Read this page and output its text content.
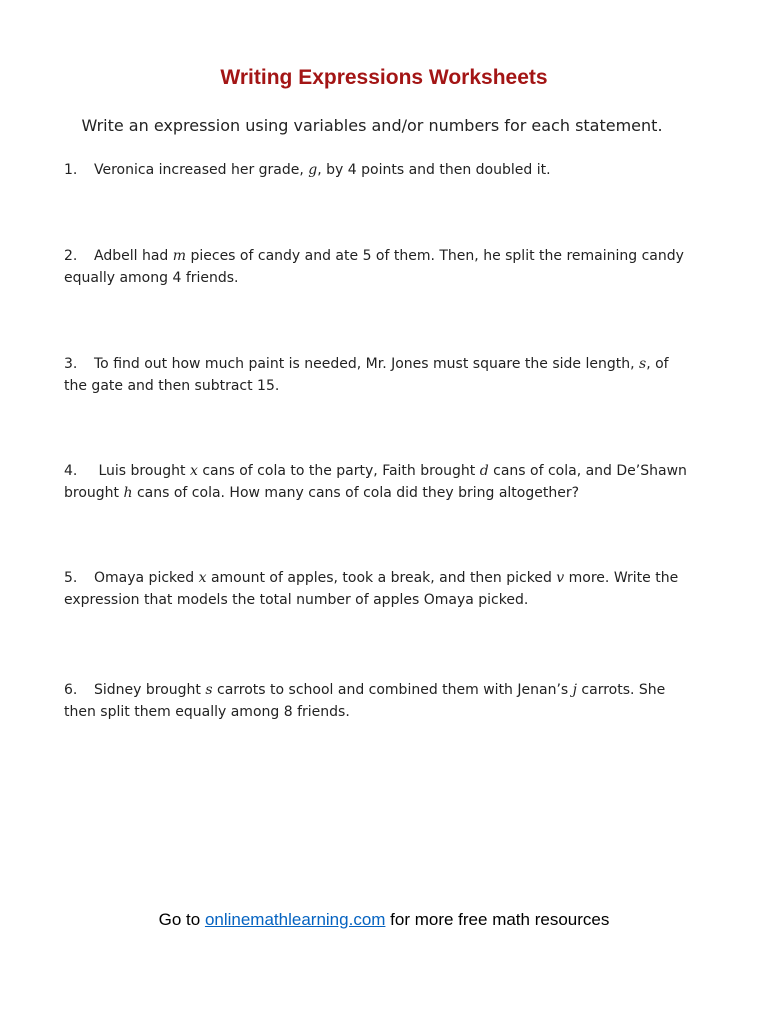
Writing Expressions Worksheets
Write an expression using variables and/or numbers for each statement.
1. Veronica increased her grade, g, by 4 points and then doubled it.
2. Adbell had m pieces of candy and ate 5 of them. Then, he split the remaining candy equally among 4 friends.
3. To find out how much paint is needed, Mr. Jones must square the side length, s, of the gate and then subtract 15.
4. Luis brought x cans of cola to the party, Faith brought d cans of cola, and De’Shawn brought h cans of cola. How many cans of cola did they bring altogether?
5. Omaya picked x amount of apples, took a break, and then picked v more. Write the expression that models the total number of apples Omaya picked.
6. Sidney brought s carrots to school and combined them with Jenan’s j carrots. She then split them equally among 8 friends.
Go to onlinemathlearning.com for more free math resources
